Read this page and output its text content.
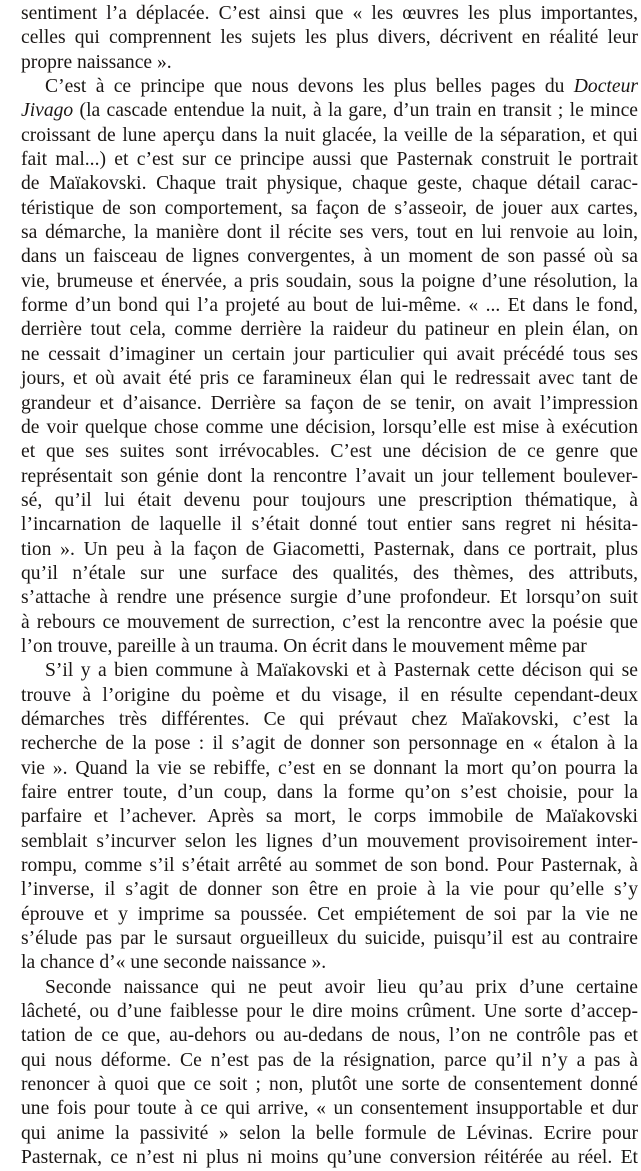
sentiment l’a déplacée. C’est ainsi que « les œuvres les plus importantes,
celles qui comprennent les sujets les plus divers, décrivent en réalité leur
propre naissance ».
C’est à ce principe que nous devons les plus belles pages du Docteur
Jivago (la cascade entendue la nuit, à la gare, d’un train en transit ; le mince
croissant de lune aperçu dans la nuit glacée, la veille de la séparation, et qui
fait mal...) et c’est sur ce principe aussi que Pasternak construit le portrait
de Maïakovski. Chaque trait physique, chaque geste, chaque détail carac-
téristique de son comportement, sa façon de s’asseoir, de jouer aux cartes,
sa démarche, la manière dont il récite ses vers, tout en lui renvoie au loin,
dans un faisceau de lignes convergentes, à un moment de son passé où sa
vie, brumeuse et énervée, a pris soudain, sous la poigne d’une résolution, la
forme d’un bond qui l’a projeté au bout de lui-même. « ... Et dans le fond,
derrière tout cela, comme derrière la raideur du patineur en plein élan, on
ne cessait d’imaginer un certain jour particulier qui avait précédé tous ses
jours, et où avait été pris ce faramineux élan qui le redressait avec tant de
grandeur et d’aisance. Derrière sa façon de se tenir, on avait l’impression
de voir quelque chose comme une décision, lorsqu’elle est mise à exécution
et que ses suites sont irrévocables. C’est une décision de ce genre que
représentait son génie dont la rencontre l’avait un jour tellement boulever-
sé, qu’il lui était devenu pour toujours une prescription thématique, à
l’incarnation de laquelle il s’était donné tout entier sans regret ni hésita-
tion ». Un peu à la façon de Giacometti, Pasternak, dans ce portrait, plus
qu’il n’étale sur une surface des qualités, des thèmes, des attributs,
s’attache à rendre une présence surgie d’une profondeur. Et lorsqu’on suit
à rebours ce mouvement de surrection, c’est la rencontre avec la poésie que
l’on trouve, pareille à un trauma. On écrit dans le mouvement même par
S’il y a bien commune à Maïakovski et à Pasternak cette décison qui se
trouve à l’origine du poème et du visage, il en résulte cependant-deux
démarches très différentes. Ce qui prévaut chez Maïakovski, c’est la
recherche de la pose : il s’agit de donner son personnage en « étalon à la
vie ». Quand la vie se rebiffe, c’est en se donnant la mort qu’on pourra la
faire entrer toute, d’un coup, dans la forme qu’on s’est choisie, pour la
parfaire et l’achever. Après sa mort, le corps immobile de Maïakovski
semblait s’incurver selon les lignes d’un mouvement provisoirement inter-
rompu, comme s’il s’était arrêté au sommet de son bond. Pour Pasternak, à
l’inverse, il s’agit de donner son être en proie à la vie pour qu’elle s’y
éprouve et y imprime sa poussée. Cet empiétement de soi par la vie ne
s’élude pas par le sursaut orgueilleux du suicide, puisqu’il est au contraire
la chance d’« une seconde naissance ».
Seconde naissance qui ne peut avoir lieu qu’au prix d’une certaine
lâcheté, ou d’une faiblesse pour le dire moins crûment. Une sorte d’accep-
tation de ce que, au-dehors ou au-dedans de nous, l’on ne contrôle pas et
qui nous déforme. Ce n’est pas de la résignation, parce qu’il n’y a pas à
renoncer à quoi que ce soit ; non, plutôt une sorte de consentement donné
une fois pour toute à ce qui arrive, « un consentement insupportable et dur
qui anime la passivité » selon la belle formule de Lévinas. Ecrire pour
Pasternak, ce n’est ni plus ni moins qu’une conversion réitérée au réel. Et
